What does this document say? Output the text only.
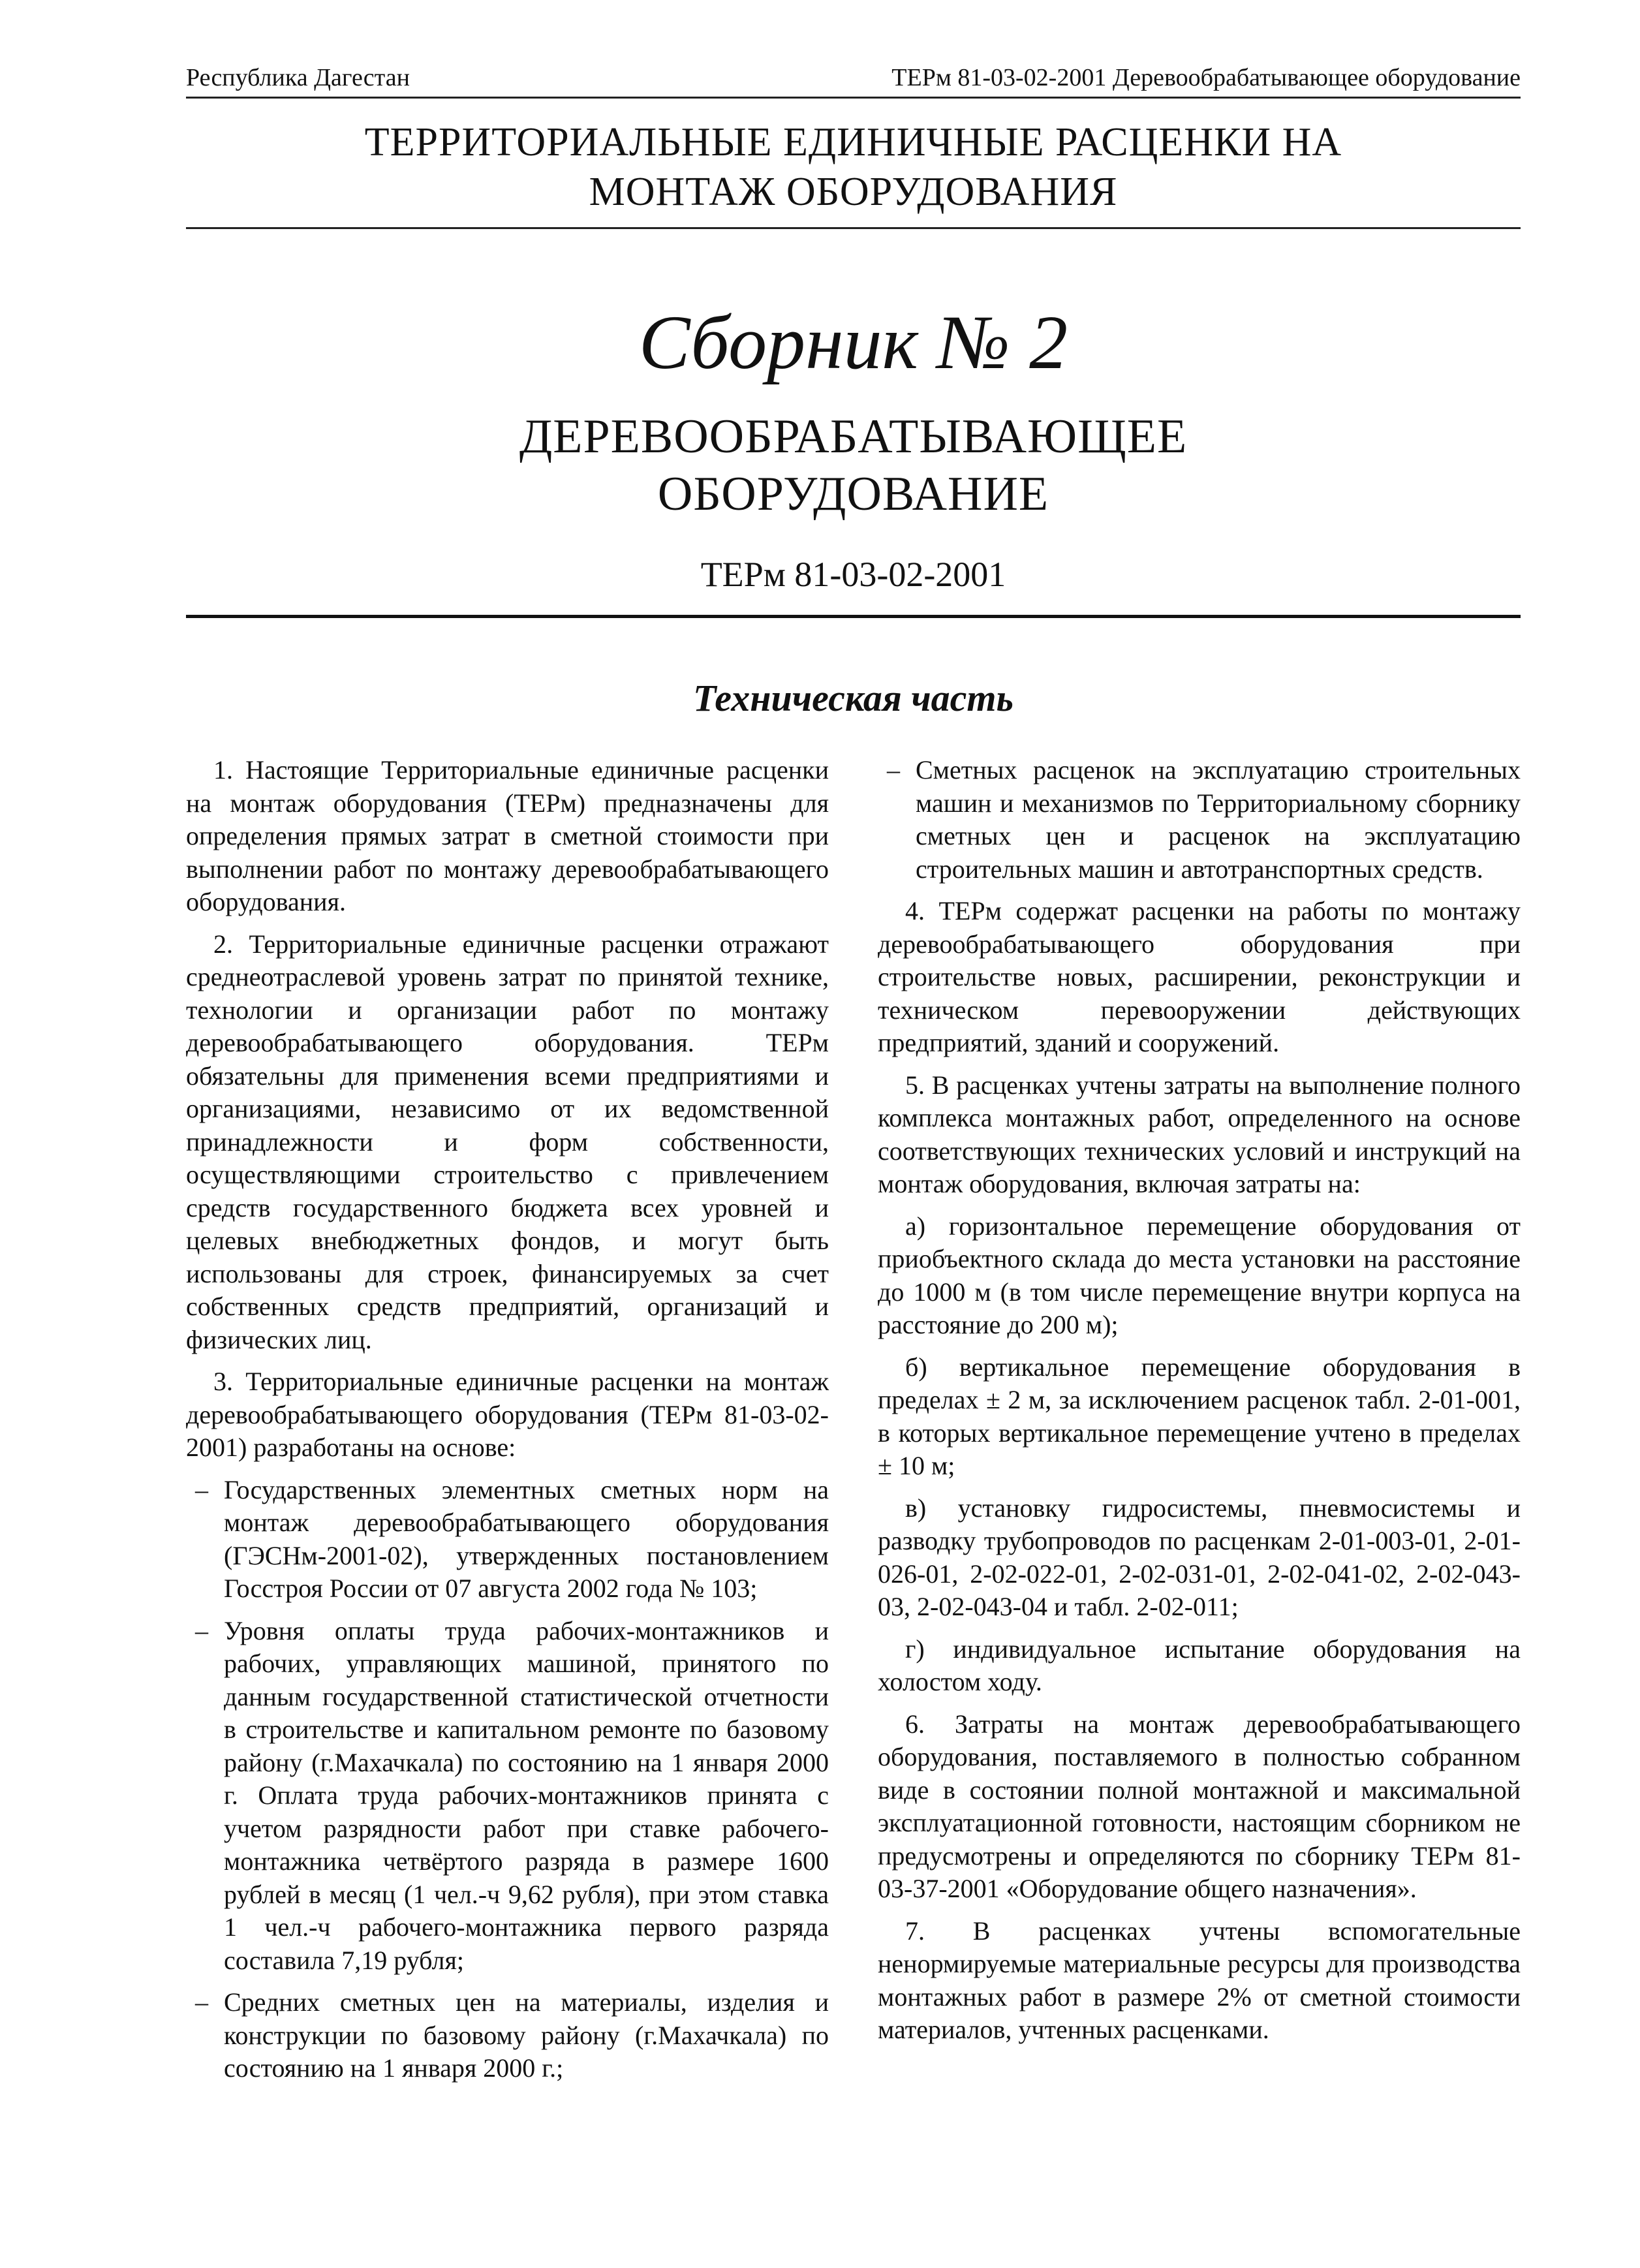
Республика Дагестан	ТЕРм 81-03-02-2001 Деревообрабатывающее оборудование
ТЕРРИТОРИАЛЬНЫЕ ЕДИНИЧНЫЕ РАСЦЕНКИ НА
МОНТАЖ ОБОРУДОВАНИЯ
Сборник № 2
ДЕРЕВООБРАБАТЫВАЮЩЕЕ
ОБОРУДОВАНИЕ
ТЕРм 81-03-02-2001
Техническая часть

1. Настоящие Территориальные единичные расценки на монтаж оборудования (ТЕРм) предназначены для определения прямых затрат в сметной стоимости при выполнении работ по монтажу деревообрабатывающего оборудования.

2. Территориальные единичные расценки отражают среднеотраслевой уровень затрат по принятой технике, технологии и организации работ по монтажу деревообрабатывающего оборудования. ТЕРм обязательны для применения всеми предприятиями и организациями, независимо от их ведомственной принадлежности и форм собственности, осуществляющими строительство с привлечением средств государственного бюджета всех уровней и целевых внебюджетных фондов, и могут быть использованы для строек, финансируемых за счет собственных средств предприятий, организаций и физических лиц.

3. Территориальные единичные расценки на монтаж деревообрабатывающего оборудования (ТЕРм 81-03-02-2001) разработаны на основе:

– Государственных элементных сметных норм на монтаж деревообрабатывающего оборудования (ГЭСНм-2001-02), утвержденных постановлением Госстроя России от 07 августа 2002 года № 103;
– Уровня оплаты труда рабочих-монтажников и рабочих, управляющих машиной, принятого по данным государственной статистической отчетности в строительстве и капитальном ремонте по базовому району (г.Махачкала) по состоянию на 1 января 2000 г. Оплата труда рабочих-монтажников принята с учетом разрядности работ при ставке рабочего-монтажника четвёртого разряда в размере 1600 рублей в месяц (1 чел.-ч 9,62 рубля), при этом ставка 1 чел.-ч рабочего-монтажника первого разряда составила 7,19 рубля;
– Средних сметных цен на материалы, изделия и конструкции по базовому району (г.Махачкала) по состоянию на 1 января 2000 г.;
– Сметных расценок на эксплуатацию строительных машин и механизмов по Территориальному сборнику сметных цен и расценок на эксплуатацию строительных машин и автотранспортных средств.

4. ТЕРм содержат расценки на работы по монтажу деревообрабатывающего оборудования при строительстве новых, расширении, реконструкции и техническом перевооружении действующих предприятий, зданий и сооружений.

5. В расценках учтены затраты на выполнение полного комплекса монтажных работ, определенного на основе соответствующих технических условий и инструкций на монтаж оборудования, включая затраты на:

а) горизонтальное перемещение оборудования от приобъектного склада до места установки на расстояние до 1000 м (в том числе перемещение внутри корпуса на расстояние до 200 м);

б) вертикальное перемещение оборудования в пределах ± 2 м, за исключением расценок табл. 2-01-001, в которых вертикальное перемещение учтено в пределах ± 10 м;

в) установку гидросистемы, пневмосистемы и разводку трубопроводов по расценкам 2-01-003-01, 2-01-026-01, 2-02-022-01, 2-02-031-01, 2-02-041-02, 2-02-043-03, 2-02-043-04 и табл. 2-02-011;

г) индивидуальное испытание оборудования на холостом ходу.

6. Затраты на монтаж деревообрабатывающего оборудования, поставляемого в полностью собранном виде в состоянии полной монтажной и максимальной эксплуатационной готовности, настоящим сборником не предусмотрены и определяются по сборнику ТЕРм 81-03-37-2001 «Оборудование общего назначения».

7. В расценках учтены вспомогательные ненормируемые материальные ресурсы для производства монтажных работ в размере 2% от сметной стоимости материалов, учтенных расценками.
